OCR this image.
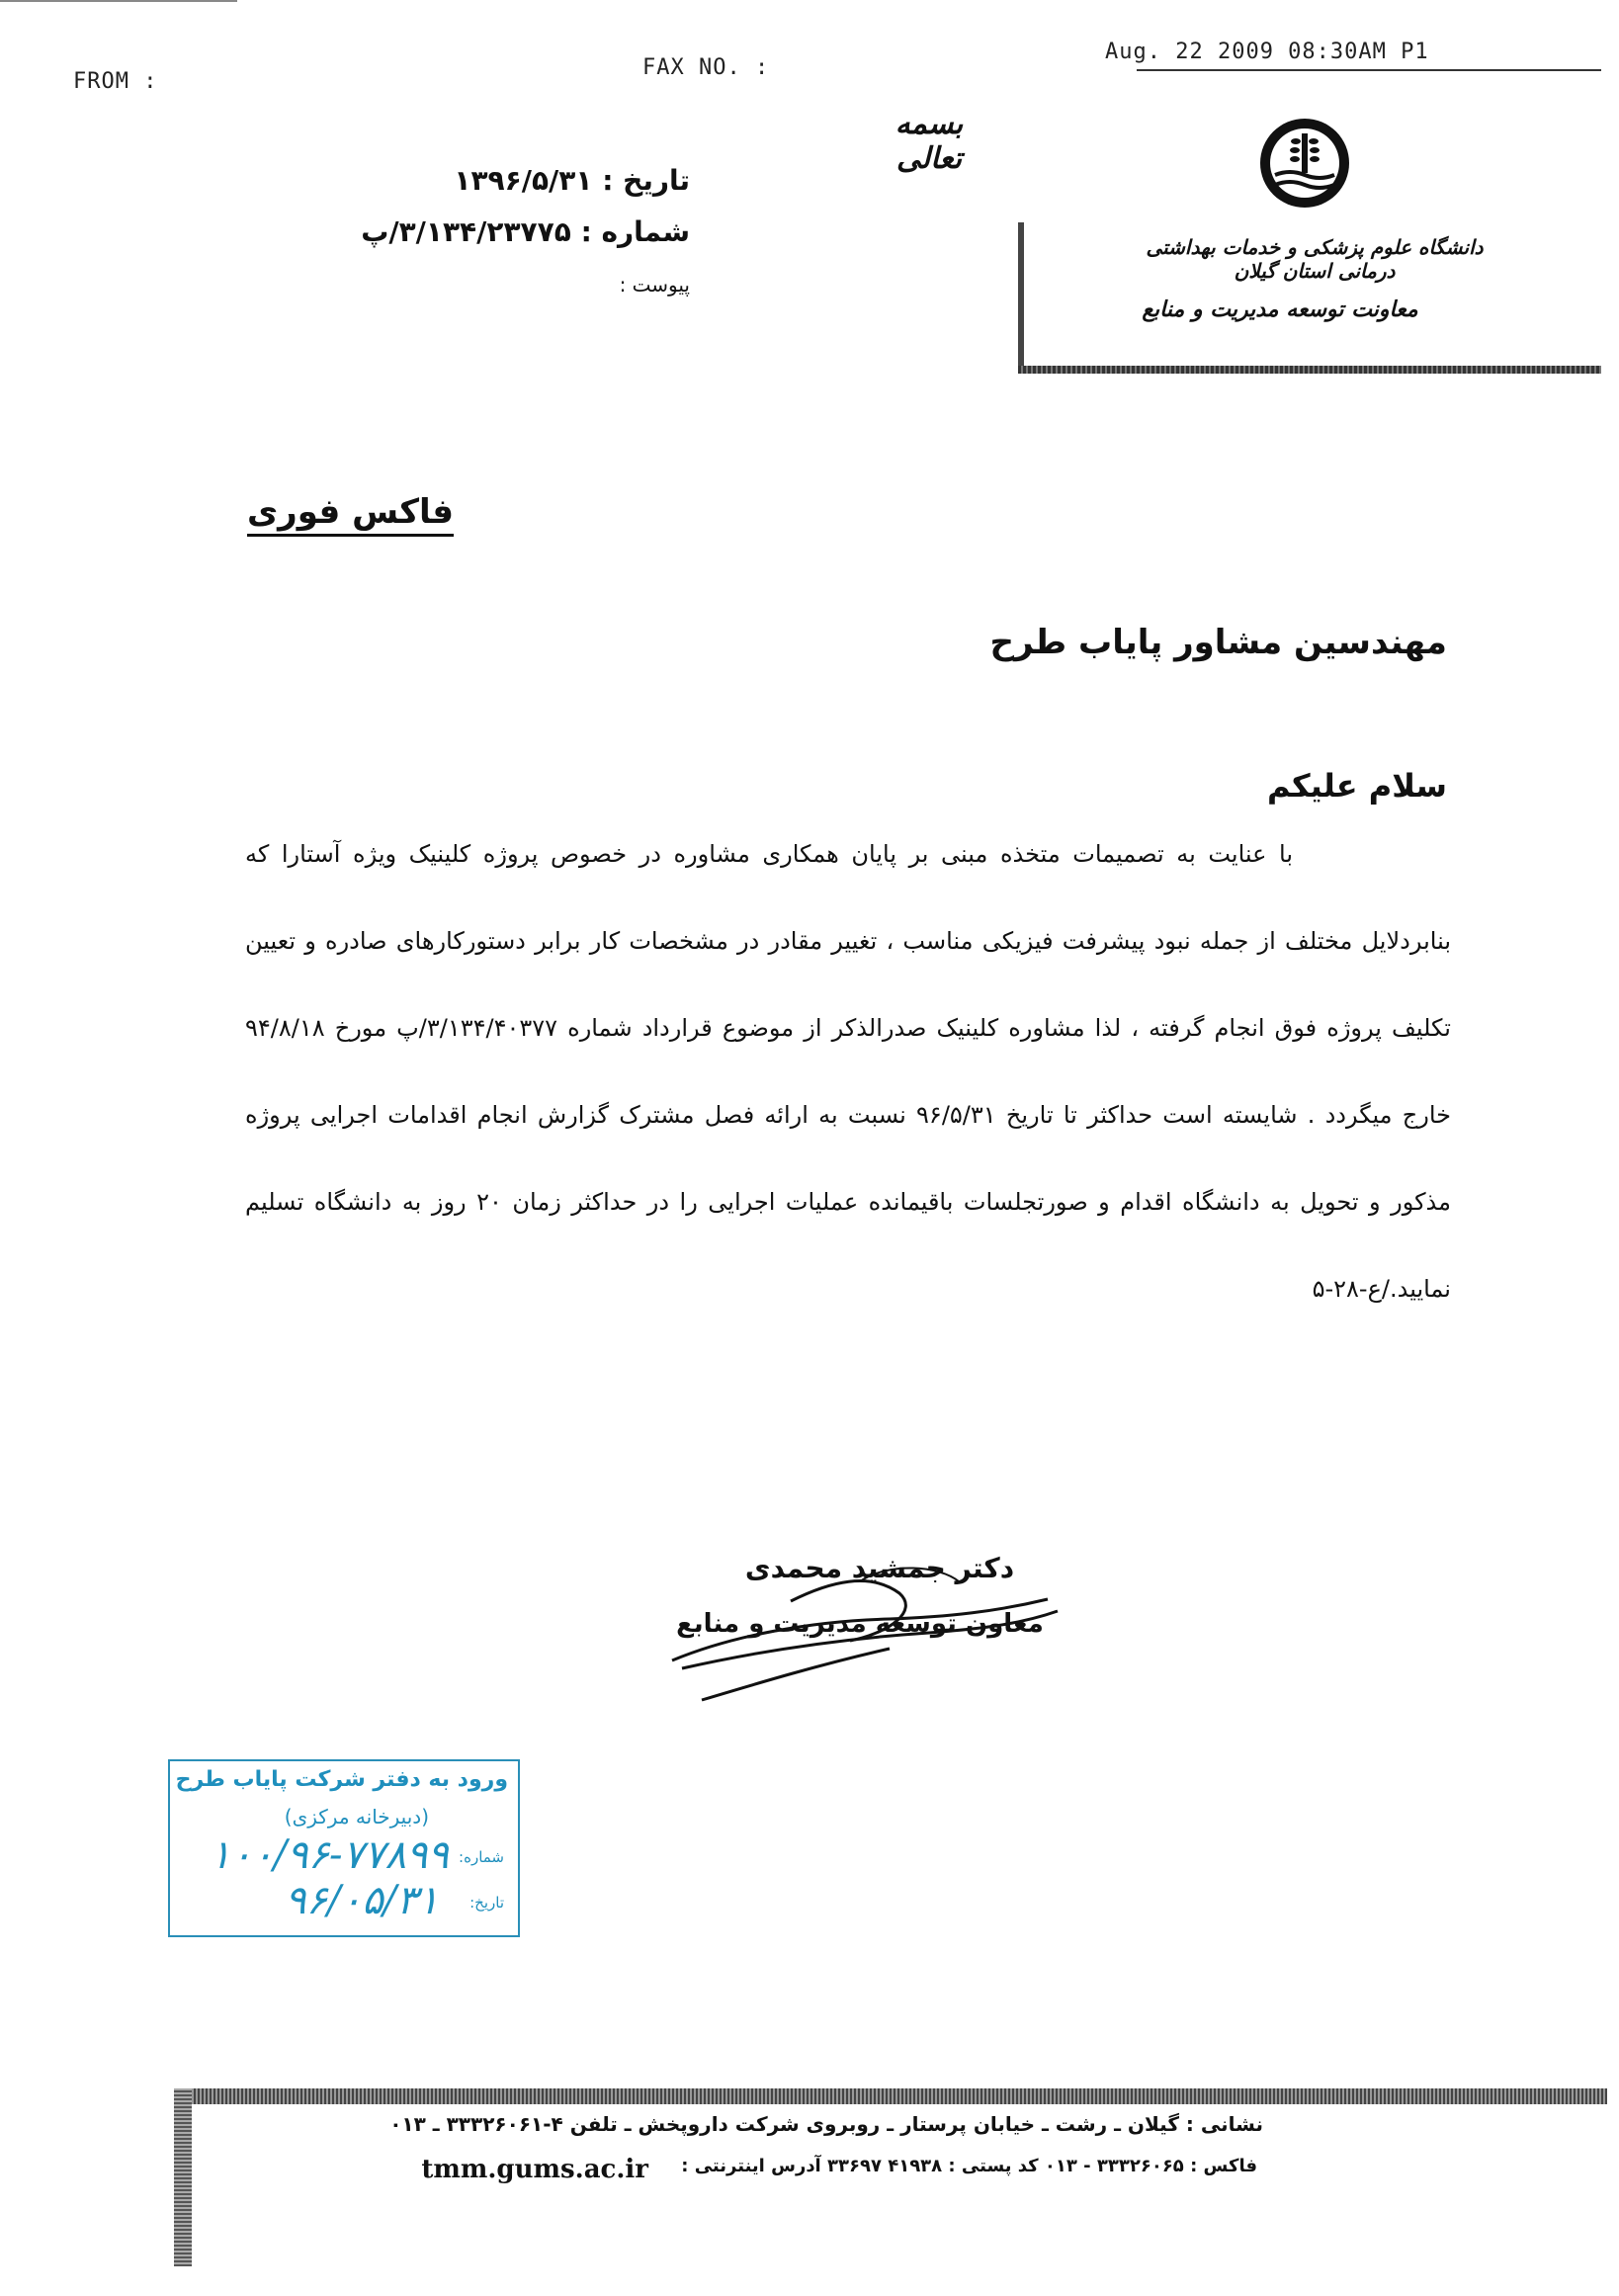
FROM :
FAX NO. :
Aug. 22 2009 08:30AM P1
بسمه تعالی
دانشگاه علوم پزشکی و خدمات بهداشتی درمانی استان گیلان
معاونت توسعه مدیریت و منابع
تاریخ : ۱۳۹۶/۵/۳۱
شماره : ۳/۱۳۴/۲۳۷۷۵/پ
پیوست :
فاکس فوری
مهندسین مشاور پایاب طرح
سلام علیکم

با عنایت به تصمیمات متخذه مبنی بر پایان همکاری مشاوره در خصوص پروژه کلینیک ویژه آستارا که بنابردلایل مختلف از جمله نبود پیشرفت فیزیکی مناسب ، تغییر مقادر در مشخصات کار برابر دستورکارهای صادره و تعیین تکلیف پروژه فوق انجام گرفته ، لذا مشاوره کلینیک صدرالذکر از موضوع قرارداد شماره ۳/۱۳۴/۴۰۳۷۷/پ مورخ ۹۴/۸/۱۸ خارج میگردد . شایسته است حداکثر تا تاریخ ۹۶/۵/۳۱ نسبت به ارائه فصل مشترک گزارش انجام اقدامات اجرایی پروژه مذکور و تحویل به دانشگاه اقدام و صورتجلسات باقیمانده عملیات اجرایی را در حداکثر زمان ۲۰ روز به دانشگاه تسلیم نمایید./ع-۲۸-۵

دکتر جمشید محمدی
معاون توسعه مدیریت و منابع
ورود به دفتر شرکت پایاب طرح
(دبیرخانه مرکزی)
شماره:
۱۰۰/۹۶-۷۷۸۹۹
تاریخ:
۹۶/۰۵/۳۱
نشانی : گیلان ـ رشت ـ خیابان پرستار ـ روبروی شرکت داروپخش ـ تلفن ۴-۳۳۳۲۶۰۶۱ ـ ۰۱۳
فاکس : ۳۳۳۲۶۰۶۵ - ۰۱۳ کد پستی : ۴۱۹۳۸ ۳۳۶۹۷ آدرس اینترنتی :
tmm.gums.ac.ir
